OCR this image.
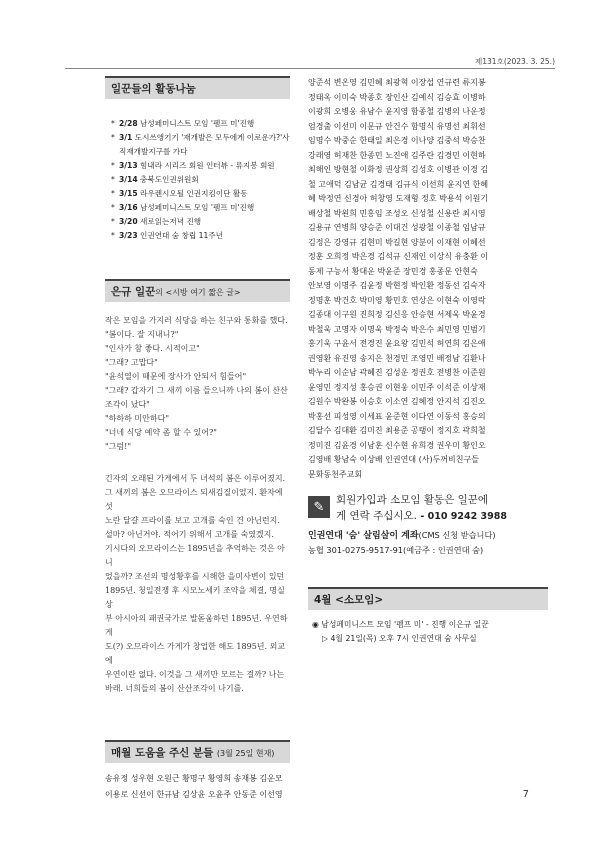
제131호(2023. 3. 25.)
일꾼들의 활동나눔
* 2/28 남성페미니스트 모임 '펨프 미'진행
* 3/1 도시쓰앵기기 '재개발은 모두에게 이로운가?'사직재개발지구를 가다
* 3/13 힘내라 시리즈 회원 인터뷰 - 류지봉 회원
* 3/14 충북도인권위원회
* 3/15 라우렌시오될 인권지킴이단 활동
* 3/16 남성페미니스트 모임 '펨프 미'진행
* 3/20 새로읽는저녁 진행
* 3/23 인권연대 숨 창립 11주년
은규 일꾼의 <시방 여기 짧은 글>

작은 모임을 가지러 식당을 하는 친구와 통화를 했다.

"봄이다. 잘 지내니?"

"인사가 참 좋다. 시적이고"

"그래? 고맙다"

"윤석열이 때문에 장사가 안되서 힘들어"

"그래? 갑자기 그 새끼 이름 들으니까 나의 봄이 산산조각이 났다"

"하하하 미안하다"

"너네 식당 예약 좀 할 수 있어?"

"그럼!"

긴자의 오래된 가게에서 두 녀석의 봄은 이루어졌지.

그 새끼의 봄은 오므라이스 되새김질이었지. 환자에 섯

노란 달걀 프라이를 보고 고개를 숙인 건 아닌런지.

설마? 아닌거야. 적어기 위해서 고개를 숙였겠지.

기시다의 오므라이스는 1895년을 추억하는 것은 아니

었을까? 조선의 명성황후를 시해한 을미사변이 있던

1895년. 청일전쟁 후 시모노세키 조약을 체결, 명실상

부 아시아의 패권국가로 발돋움하던 1895년. 우연하게

도(?) 오므라이스 가게가 창업한 해도 1895년. 외교에

우연이란 없다. 이것을 그 새끼만 모르는 걸까? 나는

바래. 너희들의 봄이 산산조각이 나기를.

매월 도움을 주신 분들 (3월 25일 현재)
송유정 성우현 오원근 황명구 황영희 송재봉 김운모
이용로 신선이 한규남 김상윤 오윤주 안동준 이선영
양준석 변온영 김민혜 최광혁 이장섭 연규련 류지봉
정태옥 이미숙 박종호 장인산 김예식 김승효 이병하
이광희 오병웅 유남수 윤지영 함종철 김병의 나운정
엄경출 이선미 이문규 안건수 함명식 유명선 최휘선
임명수 박중순 한태일 최은경 이나양 김중석 박승찬
강래영 허재찬 한종민 노진애 김주란 김경민 이현하
최해인 방현철 이화정 권상희 김성호 이병관 이경 김
철 고애덕 김남균 김경태 김규식 이선희 윤지연 한혜
혜 박정연 신경아 허창영 도재형 정호 박용석 이원기
배상철 박왼희 민홍임 조성오 신성철 신용란 최시영
김용규 연병희 양승준 이대건 성광철 이종철 임남규
김정은 강영규 김현미 박길현 양분이 이재현 이혜선
정훈 오희정 박은경 김석규 신재인 이상식 유충환 이
동제 구능서 황대운 박윤준 장민경 홍종문 안현숙
안보영 이명주 김윤정 박현정 박인환 정동선 김숙자
정명훈 박건호 박미영 황민호 연상은 이현숙 이영락
김종대 이구원 진희정 김신응 안승현 서제욱 박윤경
박철욱 고명자 이명욱 박정숙 박은수 최민영 민범기
홍기욱 구윤서 전경진 윤요왕 김민석 허연희 김은애
권영환 유진영 송지은 천경민 조영민 배정남 김환나
박누리 이순남 곽혜진 김성운 정권호 전병찬 이준원
윤영민 정지성 홍승권 이현웅 이민주 이석준 이상재
김원수 박완봉 이승호 이소연 김혜정 안지석 김진오
박홍선 피성영 이세표 윤준현 이다연 이동석 홍승의
김달수 김대환 김미진 최용준 공탱이 정지호 곽희철
정미진 김윤경 이남훈 신수현 유희경 권우미 황인오
김영배 황남숙 이상배 인권연대 (사)두꺼비친구들
문화동천주교회
✎	회원가입과 소모임 활동은 일꾼에
게 연락 주십시오. - 010 9242 3988
인권연대 '숨' 살림살이 계좌(CMS 신청 받습니다)
농협 301-0275-9517-91(예금주 : 인권연대 숨)
4월 <소모임>
◉ 남성페미니스트 모임 '펨프 미' - 진행 이은규 일꾼
▷ 4월 21일(목) 오후 7시 인권연대 숨 사무실
7
